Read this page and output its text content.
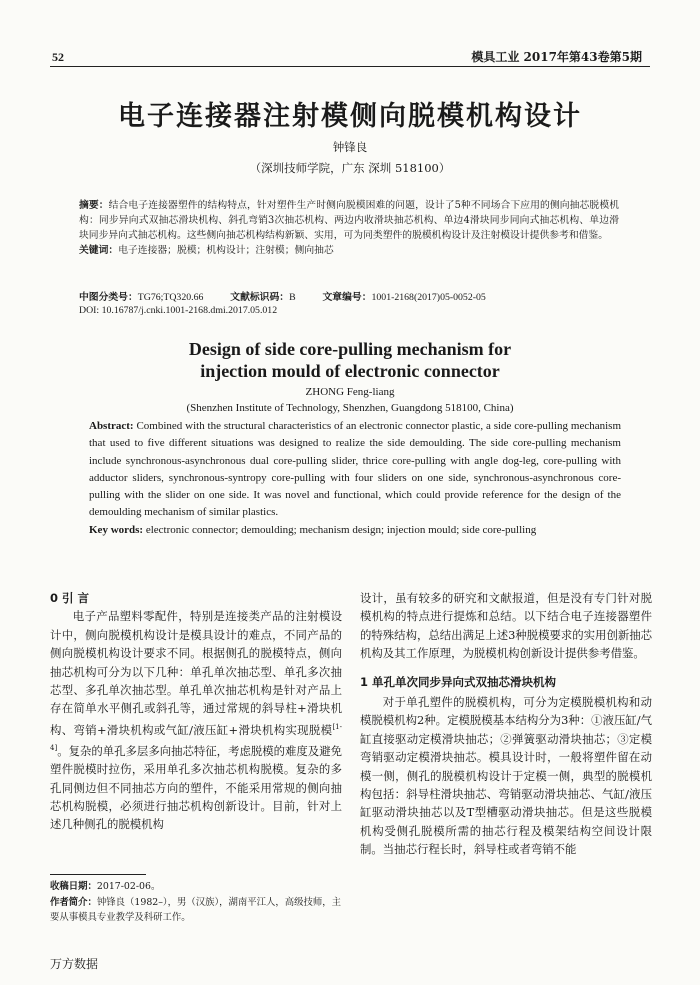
52	模具工业 2017年第43卷第5期
电子连接器注射模侧向脱模机构设计
钟锋良
（深圳技师学院，广东 深圳 518100）
摘要：结合电子连接器塑件的结构特点，针对塑件生产时侧向脱模困难的问题，设计了5种不同场合下应用的侧向抽芯脱模机构：同步异向式双抽芯滑块机构、斜孔弯销3次抽芯机构、两边内收滑块抽芯机构、单边4滑块同步同向式抽芯机构、单边滑块同步异向式抽芯机构。这些侧向抽芯机构结构新颖、实用，可为同类塑件的脱模机构设计及注射模设计提供参考和借鉴。
关键词：电子连接器；脱模；机构设计；注射模；侧向抽芯
中图分类号：TG76;TQ320.66	文献标识码：B	文章编号：1001-2168(2017)05-0052-05
DOI: 10.16787/j.cnki.1001-2168.dmi.2017.05.012
Design of side core-pulling mechanism for
injection mould of electronic connector
ZHONG Feng-liang
(Shenzhen Institute of Technology, Shenzhen, Guangdong 518100, China)
Abstract: Combined with the structural characteristics of an electronic connector plastic, a side core-pulling mechanism that used to five different situations was designed to realize the side demoulding. The side core-pulling mechanism include synchronous-asynchronous dual core-pulling slider, thrice core-pulling with angle dog-leg, core-pulling with adductor sliders, synchronous-syntropy core-pulling with four sliders on one side, synchronous-asynchronous core-pulling with the slider on one side. It was novel and functional, which could provide reference for the design of the demoulding mechanism of similar plastics.
Key words: electronic connector; demoulding; mechanism design; injection mould; side core-pulling
0 引 言

电子产品塑料零配件，特别是连接类产品的注射模设计中，侧向脱模机构设计是模具设计的难点，不同产品的侧向脱模机构设计要求不同。根据侧孔的脱模特点，侧向抽芯机构可分为以下几种：单孔单次抽芯型、单孔多次抽芯型、多孔单次抽芯型。单孔单次抽芯机构是针对产品上存在简单水平侧孔或斜孔等，通过常规的斜导柱+滑块机构、弯销+滑块机构或气缸/液压缸+滑块机构实现脱模[1-4]。复杂的单孔多层多向抽芯特征，考虑脱模的难度及避免塑件脱模时拉伤，采用单孔多次抽芯机构脱模。复杂的多孔同侧边但不同抽芯方向的塑件，不能采用常规的侧向抽芯机构脱模，必须进行抽芯机构创新设计。目前，针对上述几种侧孔的脱模机构

设计，虽有较多的研究和文献报道，但是没有专门针对脱模机构的特点进行提炼和总结。以下结合电子连接器塑件的特殊结构，总结出满足上述3种脱模要求的实用创新抽芯机构及其工作原理，为脱模机构创新设计提供参考借鉴。

1 单孔单次同步异向式双抽芯滑块机构

对于单孔塑件的脱模机构，可分为定模脱模机构和动模脱模机构2种。定模脱模基本结构分为3种：①液压缸/气缸直接驱动定模滑块抽芯；②弹簧驱动滑块抽芯；③定模弯销驱动定模滑块抽芯。模具设计时，一般将塑件留在动模一侧，侧孔的脱模机构设计于定模一侧，典型的脱模机构包括：斜导柱滑块抽芯、弯销驱动滑块抽芯、气缸/液压缸驱动滑块抽芯以及T型槽驱动滑块抽芯。但是这些脱模机构受侧孔脱模所需的抽芯行程及模架结构空间设计限制。当抽芯行程长时，斜导柱或者弯销不能

收稿日期：2017-02-06。
作者简介：钟锋良（1982–），男（汉族），湖南平江人，高级技师，主要从事模具专业教学及科研工作。
万方数据
